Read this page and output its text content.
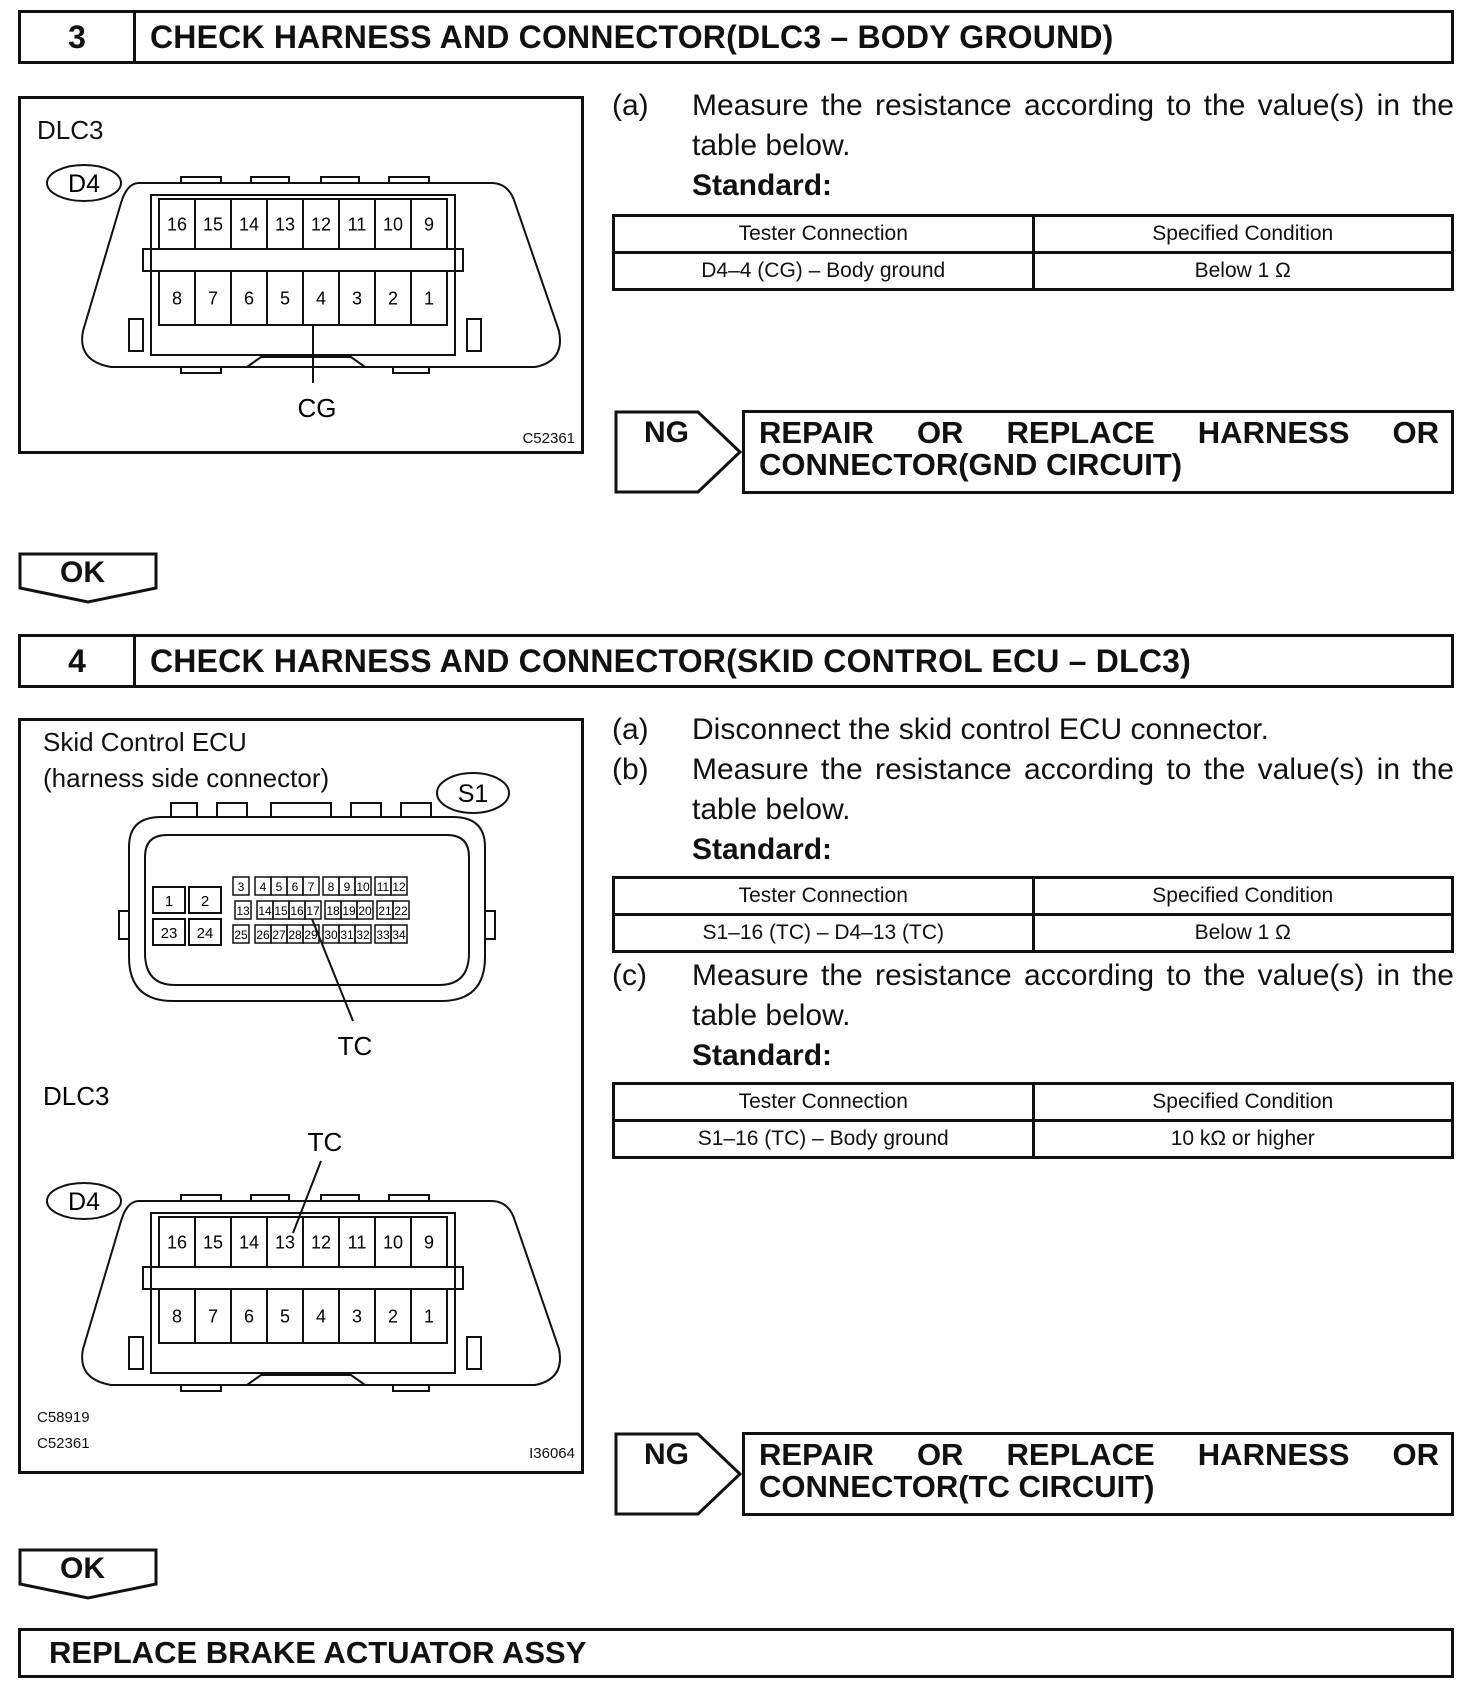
3	CHECK HARNESS AND CONNECTOR(DLC3 – BODY GROUND)
DLC3
D4
16 15 14 13 12 11 10 9
8 7 6 5 4 3 2 1
CG
C52361
(a)	Measure the resistance according to the value(s) in the table below.
Standard:
Tester Connection	Specified Condition
D4–4 (CG) – Body ground	Below 1 Ω
NG REPAIR OR REPLACE HARNESS OR
CONNECTOR(GND CIRCUIT)
OK
4	CHECK HARNESS AND CONNECTOR(SKID CONTROL ECU – DLC3)
Skid Control ECU
(harness side connector)
S1
1 2
23 24
3 4 5 6 7 8 9 10 11 12
13 14 15 16 17 18 19 20 21 22
25 26 27 28 29 30 31 32 33 34
TC
DLC3
TC
D4
16 15 14 13 12 11 10 9
8 7 6 5 4 3 2 1
C58919
C52361
I36064
(a)	Disconnect the skid control ECU connector.
(b)	Measure the resistance according to the value(s) in the table below.
Standard:
Tester Connection	Specified Condition
S1–16 (TC) – D4–13 (TC)	Below 1 Ω
(c)	Measure the resistance according to the value(s) in the table below.
Standard:
Tester Connection	Specified Condition
S1–16 (TC) – Body ground	10 kΩ or higher
NG REPAIR OR REPLACE HARNESS OR
CONNECTOR(TC CIRCUIT)
OK
REPLACE BRAKE ACTUATOR ASSY
